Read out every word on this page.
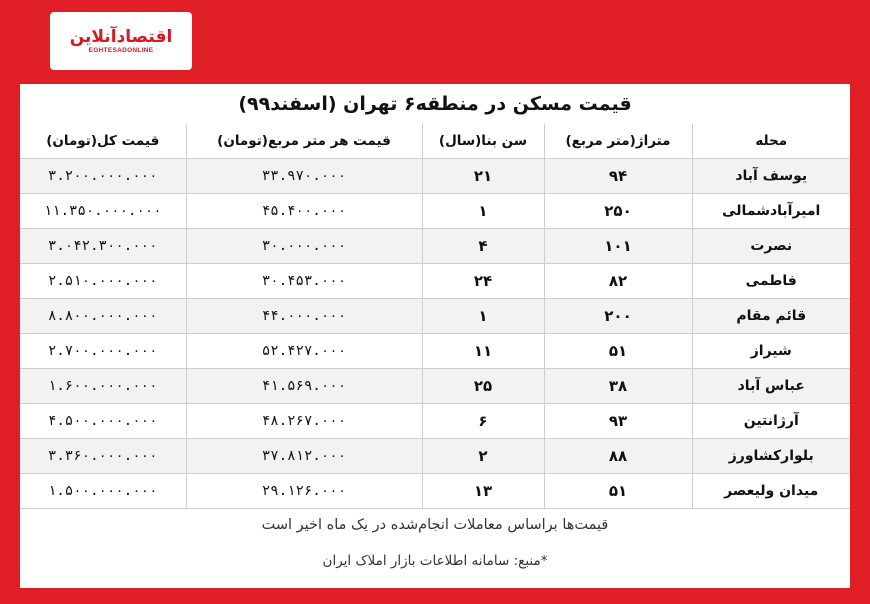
اقتصادآنلاین
EGHTESADONLINE
قیمت مسکن در منطقه۶ تهران (اسفند۹۹)
محله	متراژ(متر مربع)	سن بنا(سال)	قیمت هر متر مربع(تومان)	قیمت کل(تومان)
یوسف آباد	۹۴	۲۱	۳۳.۹۷۰.۰۰۰	۳.۲۰۰.۰۰۰.۰۰۰
امیرآبادشمالی	۲۵۰	۱	۴۵.۴۰۰.۰۰۰	۱۱.۳۵۰.۰۰۰.۰۰۰
نصرت	۱۰۱	۴	۳۰.۰۰۰.۰۰۰	۳.۰۴۲.۳۰۰.۰۰۰
فاطمی	۸۲	۲۴	۳۰.۴۵۳.۰۰۰	۲.۵۱۰.۰۰۰.۰۰۰
قائم مقام	۲۰۰	۱	۴۴.۰۰۰.۰۰۰	۸.۸۰۰.۰۰۰.۰۰۰
شیراز	۵۱	۱۱	۵۲.۴۲۷.۰۰۰	۲.۷۰۰.۰۰۰.۰۰۰
عباس آباد	۳۸	۲۵	۴۱.۵۶۹.۰۰۰	۱.۶۰۰.۰۰۰.۰۰۰
آرژانتین	۹۳	۶	۴۸.۲۶۷.۰۰۰	۴.۵۰۰.۰۰۰.۰۰۰
بلوارکشاورز	۸۸	۲	۳۷.۸۱۲.۰۰۰	۳.۳۶۰.۰۰۰.۰۰۰
میدان ولیعصر	۵۱	۱۳	۲۹.۱۲۶.۰۰۰	۱.۵۰۰.۰۰۰.۰۰۰
قیمت‌ها براساس معاملات انجام‌شده در یک ماه اخیر است
*منبع: سامانه اطلاعات بازار املاک ایران
